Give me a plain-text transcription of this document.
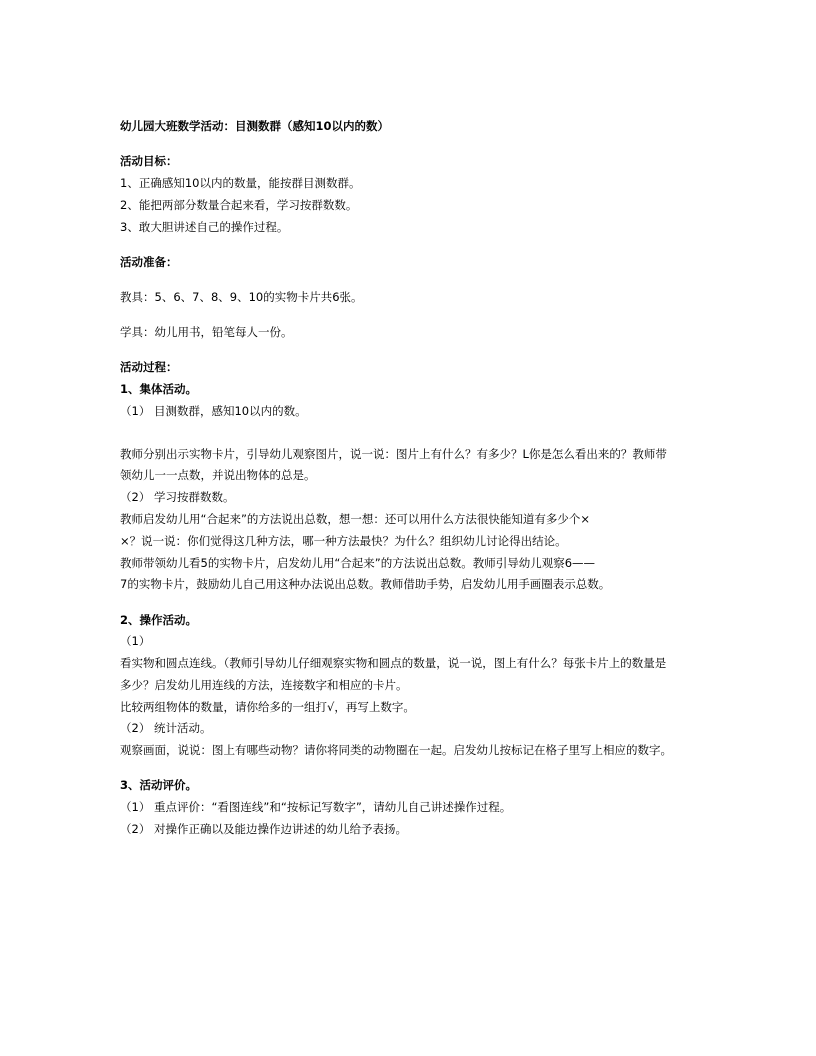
幼儿园大班数学活动：目测数群（感知10以内的数）
活动目标：
1、正确感知10以内的数量，能按群目测数群。
2、能把两部分数量合起来看，学习按群数数。
3、敢大胆讲述自己的操作过程。
活动准备：
教具：5、6、7、8、9、10的实物卡片共6张。
学具：幼儿用书，铅笔每人一份。
活动过程：
1、集体活动。
（1） 目测数群，感知10以内的数。
教师分别出示实物卡片，引导幼儿观察图片，说一说：图片上有什么？有多少？L你是怎么看出来的？教师带
领幼儿一一点数，并说出物体的总是。
（2） 学习按群数数。
教师启发幼儿用“合起来”的方法说出总数，想一想：还可以用什么方法很快能知道有多少个×
×？说一说：你们觉得这几种方法，哪一种方法最快？为什么？组织幼儿讨论得出结论。
教师带领幼儿看5的实物卡片，启发幼儿用“合起来”的方法说出总数。教师引导幼儿观察6——
7的实物卡片，鼓励幼儿自己用这种办法说出总数。教师借助手势，启发幼儿用手画圈表示总数。
2、操作活动。
（1）
看实物和圆点连线。（教师引导幼儿仔细观察实物和圆点的数量，说一说，图上有什么？每张卡片上的数量是
多少？启发幼儿用连线的方法，连接数字和相应的卡片。
比较两组物体的数量，请你给多的一组打√，再写上数字。
（2） 统计活动。
观察画面，说说：图上有哪些动物？请你将同类的动物圈在一起。启发幼儿按标记在格子里写上相应的数字。
3、活动评价。
（1） 重点评价：“看图连线”和“按标记写数字”，请幼儿自己讲述操作过程。
（2） 对操作正确以及能边操作边讲述的幼儿给予表扬。
